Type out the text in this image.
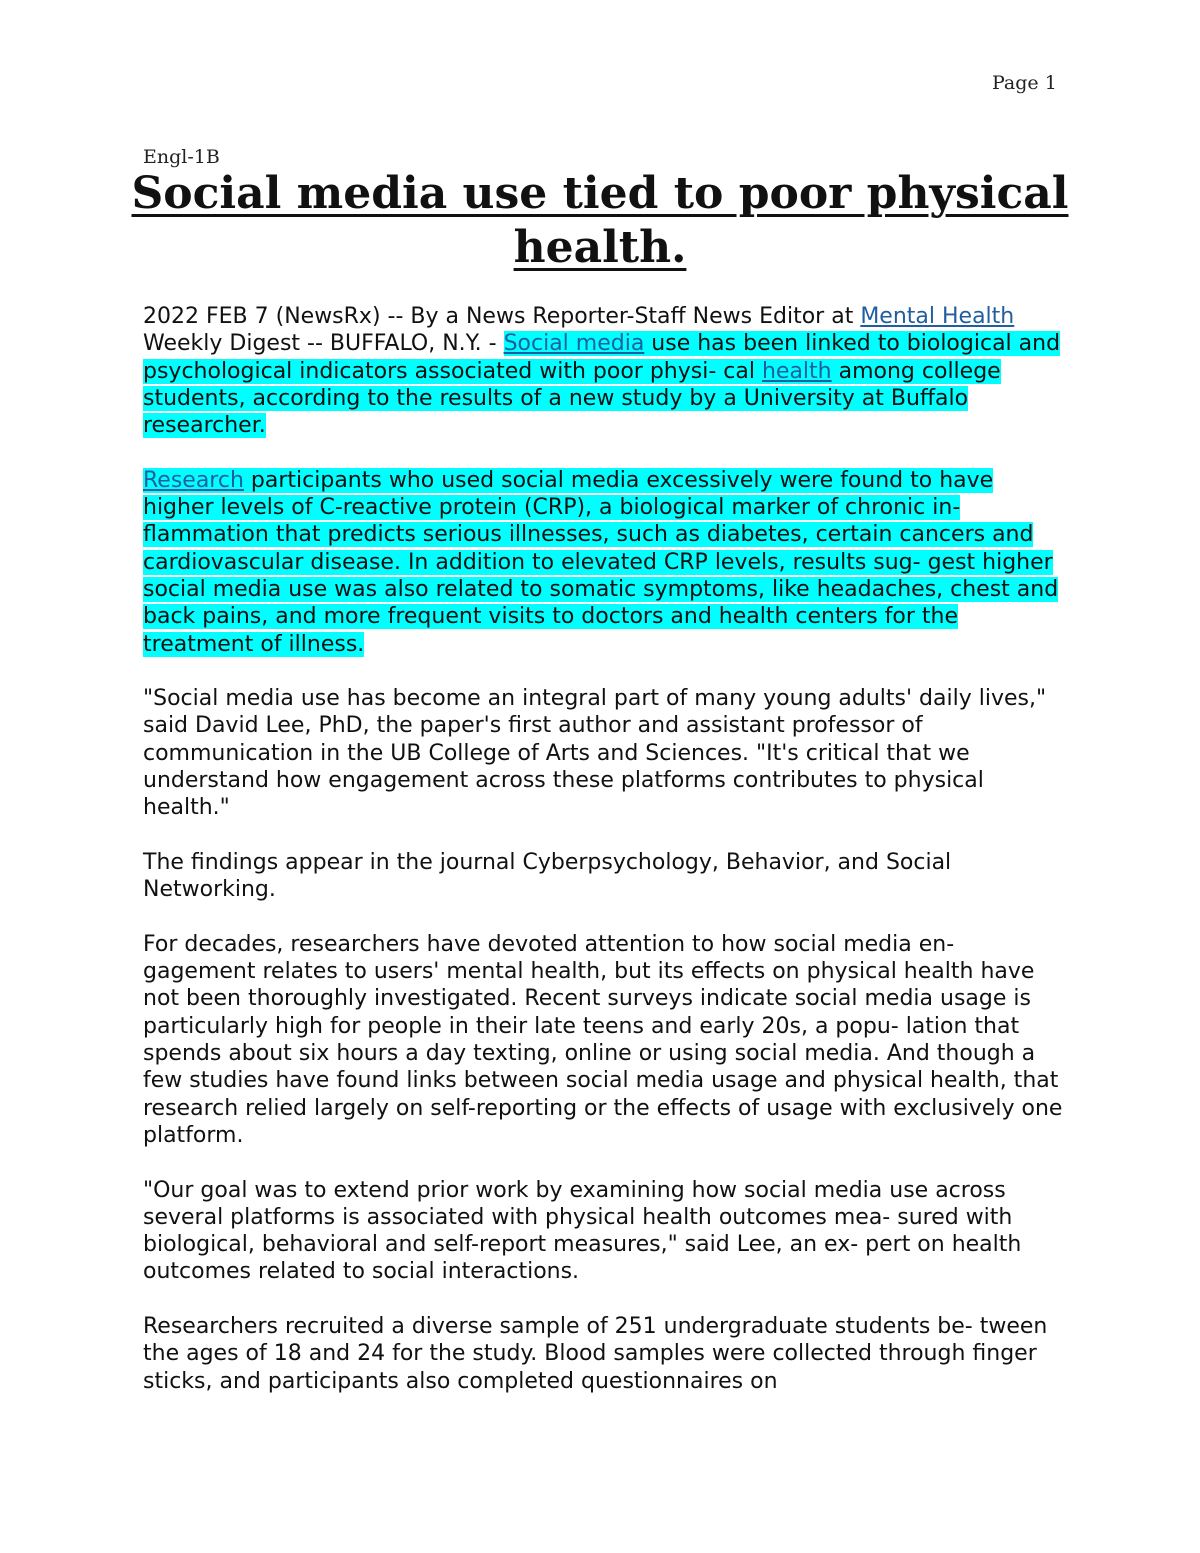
Page 1
Engl-1B
Social media use tied to poor physical health.

2022 FEB 7 (NewsRx) -- By a News Reporter-Staff News Editor at Mental Health Weekly Digest -- BUFFALO, N.Y. - Social media use has been linked to biological and psychological indicators associated with poor physi- cal health among college students, according to the results of a new study by a University at Buffalo researcher.

Research participants who used social media excessively were found to have higher levels of C-reactive protein (CRP), a biological marker of chronic in- flammation that predicts serious illnesses, such as diabetes, certain cancers and cardiovascular disease. In addition to elevated CRP levels, results sug- gest higher social media use was also related to somatic symptoms, like headaches, chest and back pains, and more frequent visits to doctors and health centers for the treatment of illness.

"Social media use has become an integral part of many young adults' daily lives," said David Lee, PhD, the paper's first author and assistant professor of communication in the UB College of Arts and Sciences. "It's critical that we understand how engagement across these platforms contributes to physical health."

The findings appear in the journal Cyberpsychology, Behavior, and Social Networking.

For decades, researchers have devoted attention to how social media en- gagement relates to users' mental health, but its effects on physical health have not been thoroughly investigated. Recent surveys indicate social media usage is particularly high for people in their late teens and early 20s, a popu- lation that spends about six hours a day texting, online or using social media. And though a few studies have found links between social media usage and physical health, that research relied largely on self-reporting or the effects of usage with exclusively one platform.

"Our goal was to extend prior work by examining how social media use across several platforms is associated with physical health outcomes mea- sured with biological, behavioral and self-report measures," said Lee, an ex- pert on health outcomes related to social interactions.

Researchers recruited a diverse sample of 251 undergraduate students be- tween the ages of 18 and 24 for the study. Blood samples were collected through finger sticks, and participants also completed questionnaires on
